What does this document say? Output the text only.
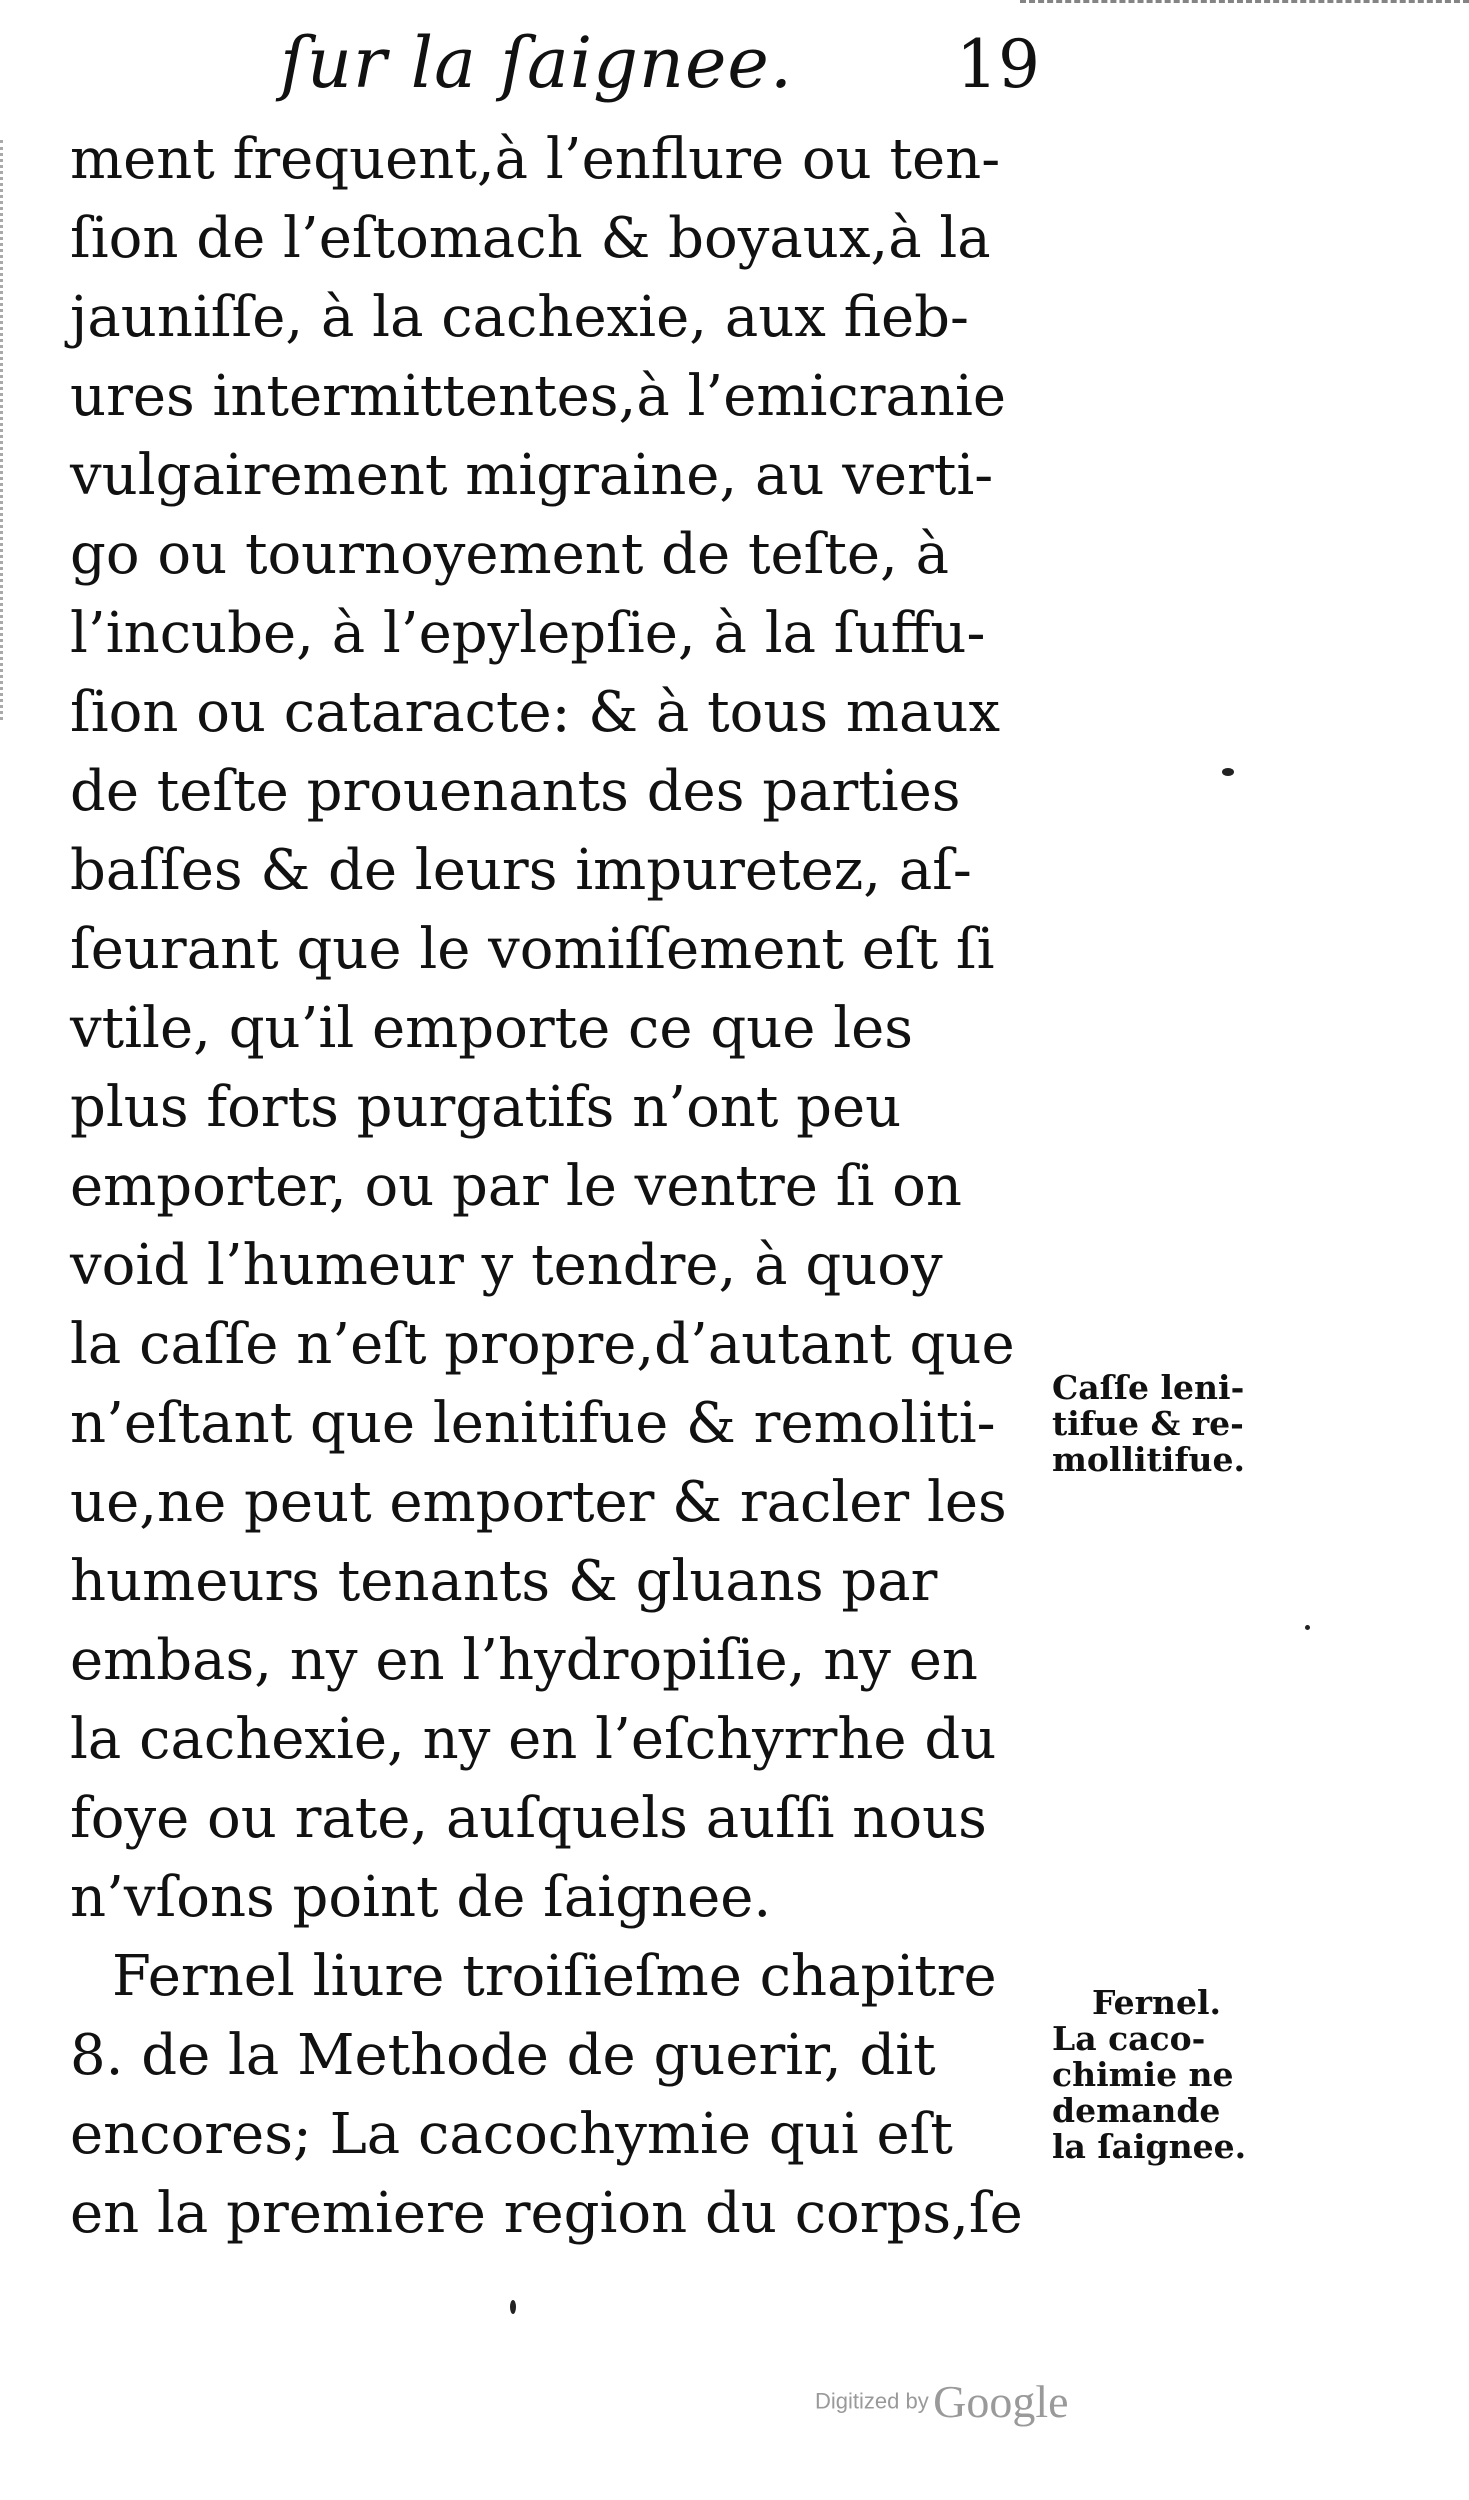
ſur la ſaignee. 19
ment frequent,à l’enflure ou ten-
ſion de l’eſtomach & boyaux,à la
jauniſſe, à la cachexie, aux fieb-
ures intermittentes,à l’emicranie
vulgairement migraine, au verti-
go ou tournoyement de teſte, à
l’incube, à l’epylepſie, à la ſuffu-
ſion ou cataracte: & à tous maux
de teſte prouenants des parties
baſſes & de leurs impuretez, aſ-
ſeurant que le vomiſſement eſt ſi
vtile, qu’il emporte ce que les
plus forts purgatifs n’ont peu
emporter, ou par le ventre ſi on
void l’humeur y tendre, à quoy
la caſſe n’eſt propre,d’autant que
n’eſtant que lenitifue & remoliti-
ue,ne peut emporter & racler les
humeurs tenants & gluans par
embas, ny en l’hydropiſie, ny en
la cachexie, ny en l’eſchyrrhe du
foye ou rate, auſquels auſſi nous
n’vſons point de ſaignee.
Fernel liure troiſieſme chapitre
8. de la Methode de guerir, dit
encores; La cacochymie qui eſt
en la premiere region du corps,ſe
Caſſe leni-
tifue & re-
mollitifue.
Fernel.
La caco-
chimie ne
demande
la ſaignee.
Digitized by Google
